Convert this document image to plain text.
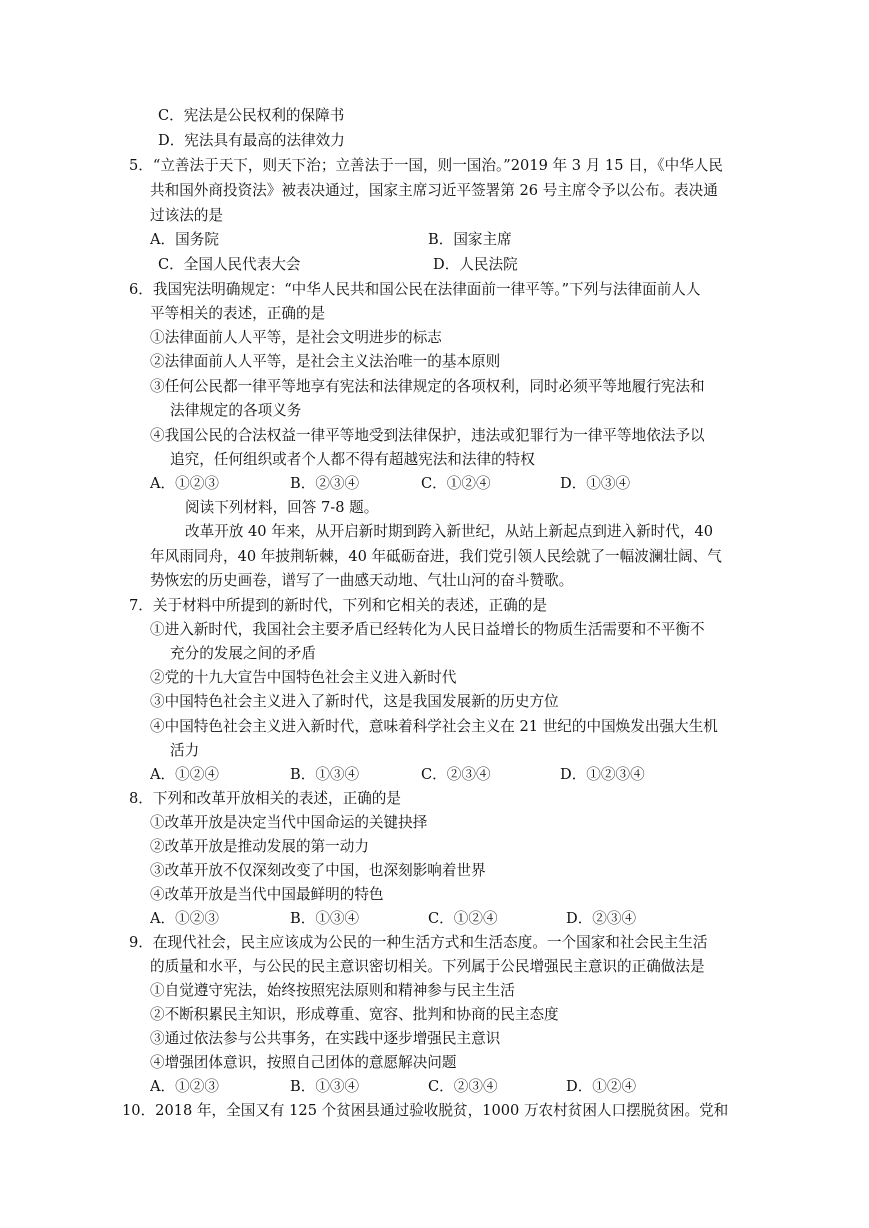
C．宪法是公民权利的保障书
D．宪法具有最高的法律效力
5．“立善法于天下，则天下治；立善法于一国，则一国治。”2019 年 3 月 15 日，《中华人民
共和国外商投资法》被表决通过，国家主席习近平签署第 26 号主席令予以公布。表决通
过该法的是
A．国务院	B．国家主席
C．全国人民代表大会	D．人民法院
6．我国宪法明确规定：“中华人民共和国公民在法律面前一律平等。”下列与法律面前人人
平等相关的表述，正确的是
①法律面前人人平等，是社会文明进步的标志
②法律面前人人平等，是社会主义法治唯一的基本原则
③任何公民都一律平等地享有宪法和法律规定的各项权利，同时必须平等地履行宪法和
法律规定的各项义务
④我国公民的合法权益一律平等地受到法律保护，违法或犯罪行为一律平等地依法予以
追究，任何组织或者个人都不得有超越宪法和法律的特权
A．①②③	B．②③④	C．①②④	D．①③④
阅读下列材料，回答 7-8 题。
改革开放 40 年来，从开启新时期到跨入新世纪，从站上新起点到进入新时代，40
年风雨同舟，40 年披荆斩棘，40 年砥砺奋进，我们党引领人民绘就了一幅波澜壮阔、气
势恢宏的历史画卷，谱写了一曲感天动地、气壮山河的奋斗赞歌。
7．关于材料中所提到的新时代，下列和它相关的表述，正确的是
①进入新时代，我国社会主要矛盾已经转化为人民日益增长的物质生活需要和不平衡不
充分的发展之间的矛盾
②党的十九大宣告中国特色社会主义进入新时代
③中国特色社会主义进入了新时代，这是我国发展新的历史方位
④中国特色社会主义进入新时代，意味着科学社会主义在 21 世纪的中国焕发出强大生机
活力
A．①②④	B．①③④	C．②③④	D．①②③④
8．下列和改革开放相关的表述，正确的是
①改革开放是决定当代中国命运的关键抉择
②改革开放是推动发展的第一动力
③改革开放不仅深刻改变了中国，也深刻影响着世界
④改革开放是当代中国最鲜明的特色
A．①②③	B．①③④	C．①②④	D．②③④
9．在现代社会，民主应该成为公民的一种生活方式和生活态度。一个国家和社会民主生活
的质量和水平，与公民的民主意识密切相关。下列属于公民增强民主意识的正确做法是
①自觉遵守宪法，始终按照宪法原则和精神参与民主生活
②不断积累民主知识，形成尊重、宽容、批判和协商的民主态度
③通过依法参与公共事务，在实践中逐步增强民主意识
④增强团体意识，按照自己团体的意愿解决问题
A．①②③	B．①③④	C．②③④	D．①②④
10．2018 年，全国又有 125 个贫困县通过验收脱贫，1000 万农村贫困人口摆脱贫困。党和
